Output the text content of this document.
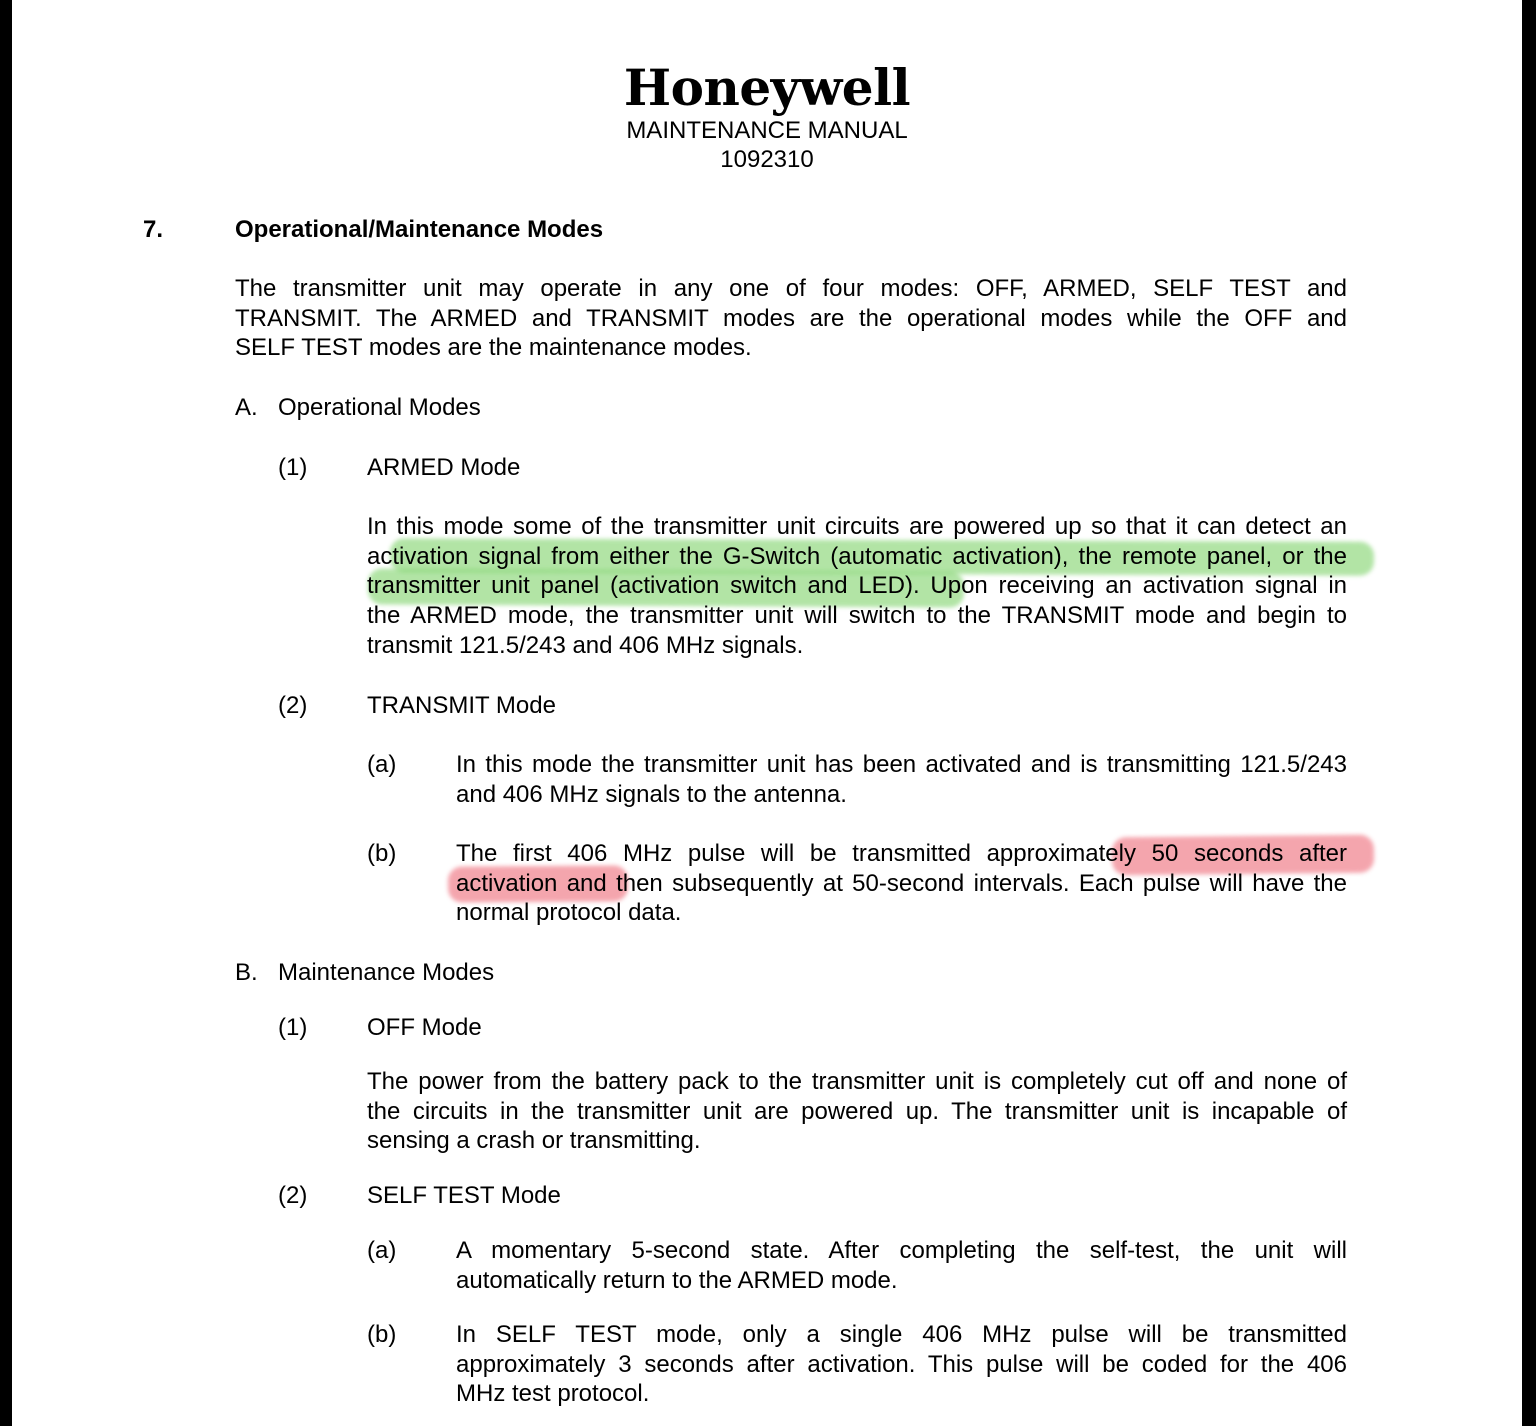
Honeywell
MAINTENANCE MANUAL
1092310
7.	Operational/Maintenance Modes
The transmitter unit may operate in any one of four modes: OFF, ARMED, SELF TEST and
TRANSMIT. The ARMED and TRANSMIT modes are the operational modes while the OFF and
SELF TEST modes are the maintenance modes.
A. Operational Modes
(1) ARMED Mode
In this mode some of the transmitter unit circuits are powered up so that it can detect an
activation signal from either the G-Switch (automatic activation), the remote panel, or the
transmitter unit panel (activation switch and LED). Upon receiving an activation signal in
the ARMED mode, the transmitter unit will switch to the TRANSMIT mode and begin to
transmit 121.5/243 and 406 MHz signals.
(2) TRANSMIT Mode
(a) In this mode the transmitter unit has been activated and is transmitting 121.5/243
and 406 MHz signals to the antenna.
(b) The first 406 MHz pulse will be transmitted approximately 50 seconds after
activation and then subsequently at 50-second intervals. Each pulse will have the
normal protocol data.
B. Maintenance Modes
(1) OFF Mode
The power from the battery pack to the transmitter unit is completely cut off and none of
the circuits in the transmitter unit are powered up. The transmitter unit is incapable of
sensing a crash or transmitting.
(2) SELF TEST Mode
(a) A momentary 5-second state. After completing the self-test, the unit will
automatically return to the ARMED mode.
(b) In SELF TEST mode, only a single 406 MHz pulse will be transmitted
approximately 3 seconds after activation. This pulse will be coded for the 406
MHz test protocol.
